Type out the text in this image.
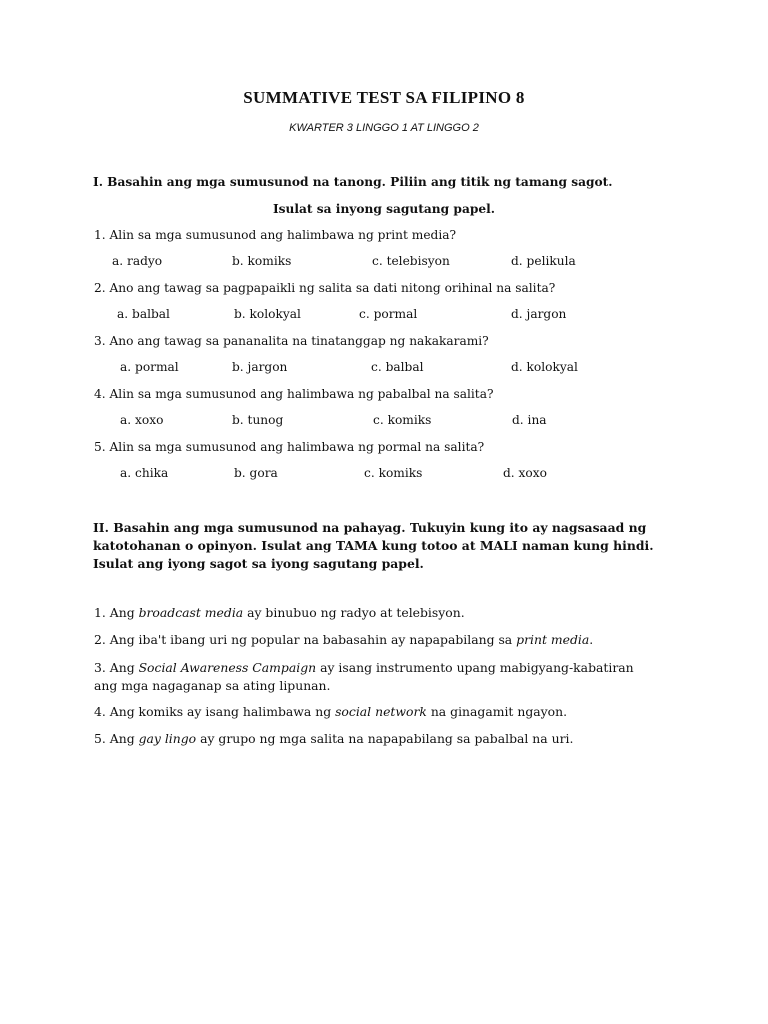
SUMMATIVE TEST SA FILIPINO 8
KWARTER 3 LINGGO 1 AT LINGGO 2
I. Basahin ang mga sumusunod na tanong. Piliin ang titik ng tamang sagot.
Isulat sa inyong sagutang papel.
1. Alin sa mga sumusunod ang halimbawa ng print media?
a. radyo	b. komiks	c. telebisyon	d. pelikula
2. Ano ang tawag sa pagpapaikli ng salita sa dati nitong orihinal na salita?
a. balbal	b. kolokyal	c. pormal	d. jargon
3. Ano ang tawag sa pananalita na tinatanggap ng nakakarami?
a. pormal	b. jargon	c. balbal	d. kolokyal
4. Alin sa mga sumusunod ang halimbawa ng pabalbal na salita?
a. xoxo	b. tunog	c. komiks	d. ina
5. Alin sa mga sumusunod ang halimbawa ng pormal na salita?
a. chika	b. gora	c. komiks	d. xoxo
II. Basahin ang mga sumusunod na pahayag. Tukuyin kung ito ay nagsasaad ng katotohanan o opinyon. Isulat ang TAMA kung totoo at MALI naman kung hindi. Isulat ang iyong sagot sa iyong sagutang papel.
1. Ang broadcast media ay binubuo ng radyo at telebisyon.
2. Ang iba't ibang uri ng popular na babasahin ay napapabilang sa print media.
3. Ang Social Awareness Campaign ay isang instrumento upang mabigyang-kabatiran ang mga nagaganap sa ating lipunan.
4. Ang komiks ay isang halimbawa ng social network na ginagamit ngayon.
5. Ang gay lingo ay grupo ng mga salita na napapabilang sa pabalbal na uri.
